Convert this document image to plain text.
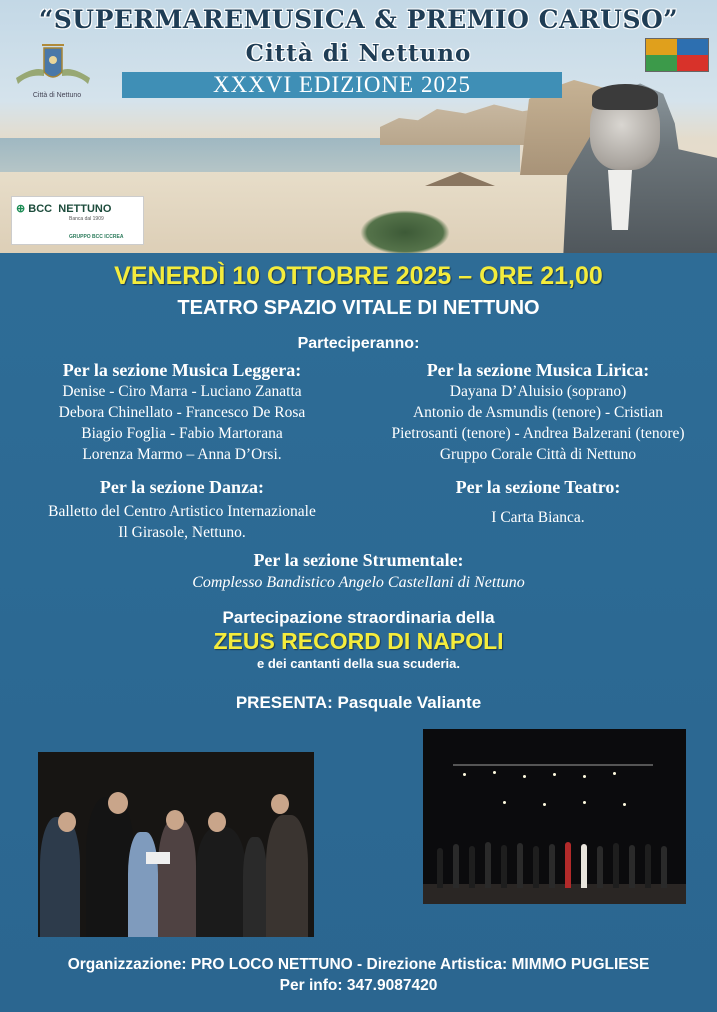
Città di Nettuno
“SUPERMAREMUSICA & PREMIO CARUSO”
Città di Nettuno
XXXVI EDIZIONE 2025
⊕ BCC NETTUNO
Banca dal 1909
GRUPPO BCC ICCREA
VENERDÌ 10 OTTOBRE 2025 – ORE 21,00
TEATRO SPAZIO VITALE DI NETTUNO
Parteciperanno:
Per la sezione Musica Leggera:

Denise - Ciro Marra - Luciano Zanatta

Debora Chinellato - Francesco De Rosa

Biagio Foglia - Fabio Martorana

Lorenza Marmo – Anna D’Orsi.

Per la sezione Musica Lirica:

Dayana D’Aluisio (soprano)

Antonio de Asmundis (tenore) - Cristian

Pietrosanti (tenore) - Andrea Balzerani (tenore)

Gruppo Corale Città di Nettuno

Per la sezione Danza:

Balletto del Centro Artistico Internazionale

Il Girasole, Nettuno.

Per la sezione Teatro:

I Carta Bianca.

Per la sezione Strumentale:
Complesso Bandistico Angelo Castellani di Nettuno
Partecipazione straordinaria della
ZEUS RECORD DI NAPOLI
e dei cantanti della sua scuderia.
PRESENTA: Pasquale Valiante
Organizzazione: PRO LOCO NETTUNO - Direzione Artistica: MIMMO PUGLIESE
Per info: 347.9087420
